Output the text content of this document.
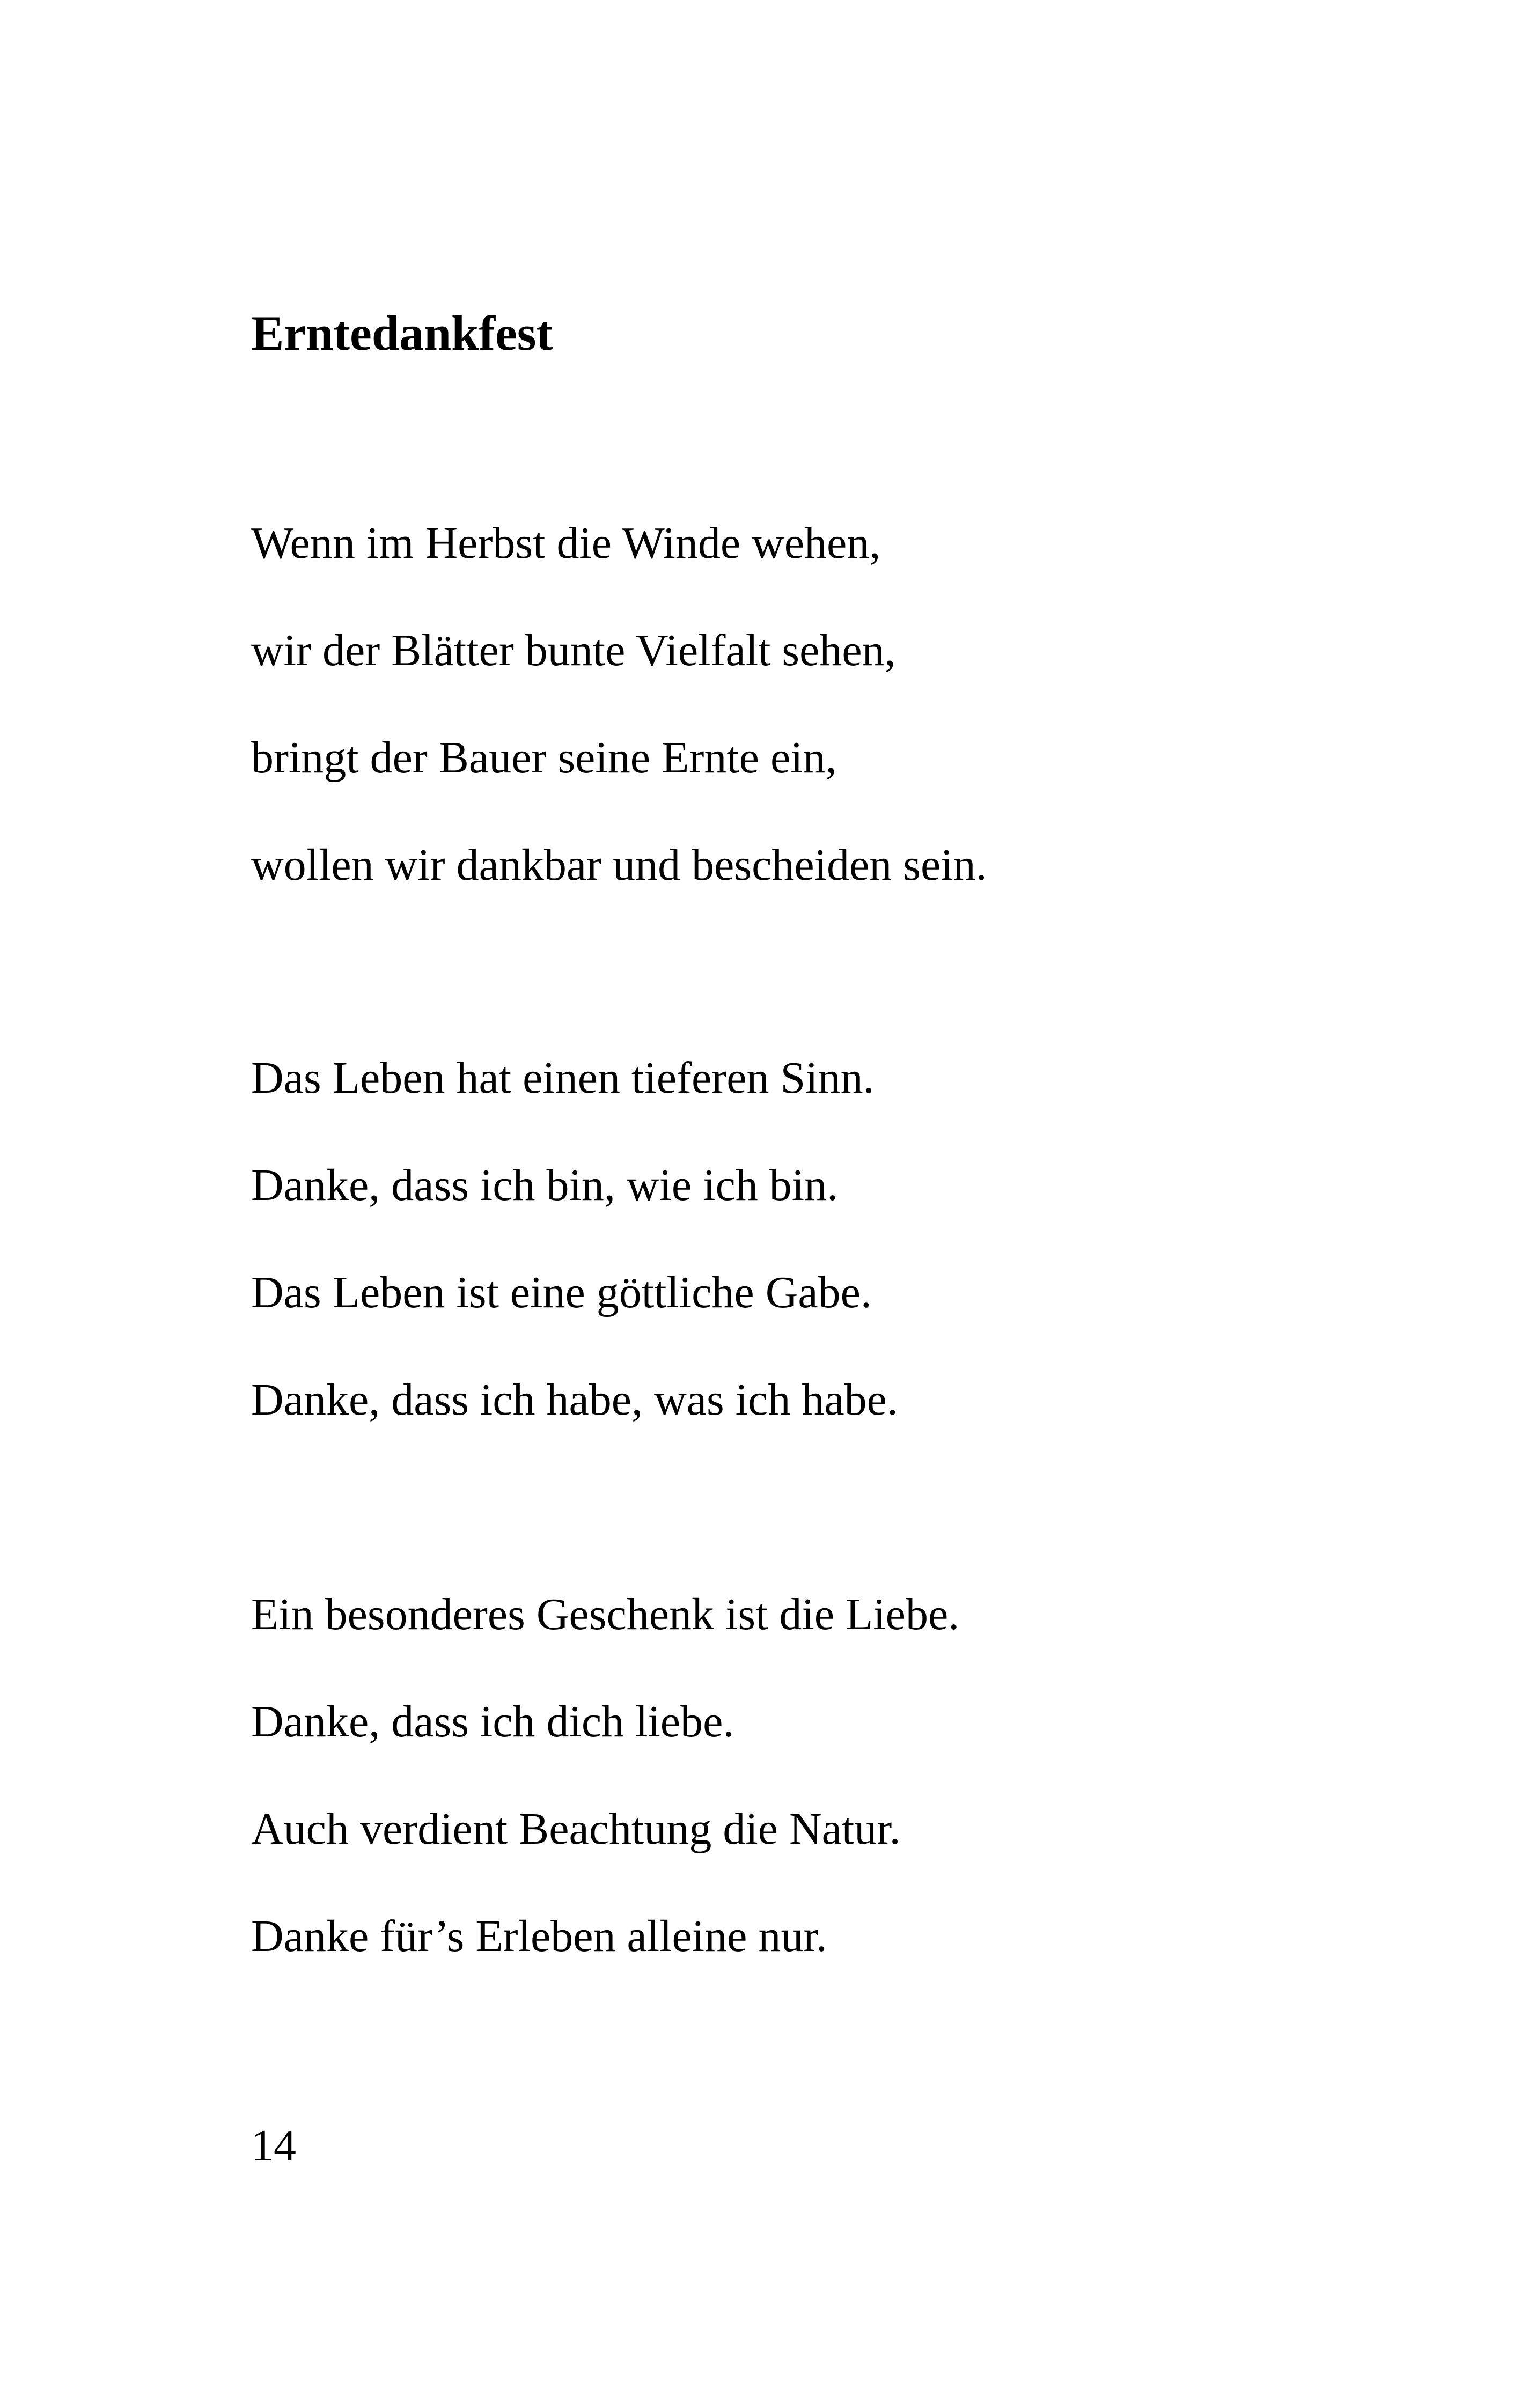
Erntedankfest
Wenn im Herbst die Winde wehen,
wir der Blätter bunte Vielfalt sehen,
bringt der Bauer seine Ernte ein,
wollen wir dankbar und bescheiden sein.
Das Leben hat einen tieferen Sinn.
Danke, dass ich bin, wie ich bin.
Das Leben ist eine göttliche Gabe.
Danke, dass ich habe, was ich habe.
Ein besonderes Geschenk ist die Liebe.
Danke, dass ich dich liebe.
Auch verdient Beachtung die Natur.
Danke für’s Erleben alleine nur.

14
